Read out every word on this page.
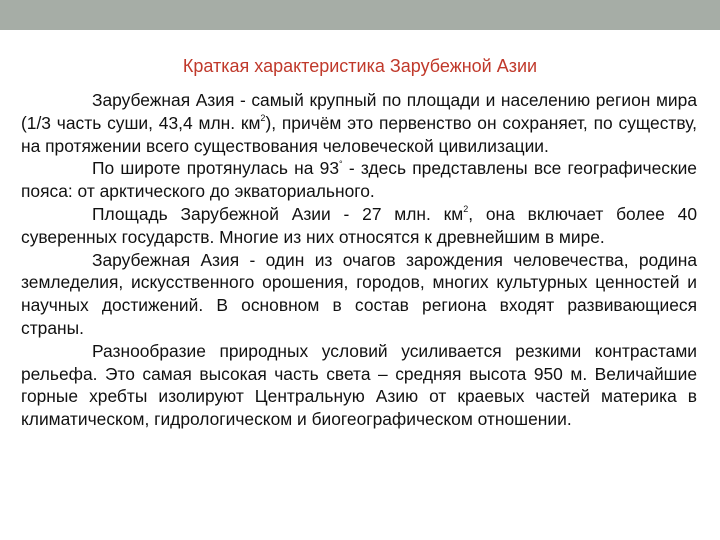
Краткая характеристика Зарубежной Азии

Зарубежная Азия - самый крупный по площади и населению регион мира (1/3 часть суши, 43,4 млн. $км^2$), причём это первенство он сохраняет, по существу, на протяжении всего существования человеческой цивилизации.

По широте протянулась на 93° - здесь представлены все географические пояса: от арктического до экваториального.

Площадь Зарубежной Азии - 27 млн. $км^2$, она включает более 40 суверенных государств. Многие из них относятся к древнейшим в мире.

Зарубежная Азия - один из очагов зарождения человечества, родина земледелия, искусственного орошения, городов, многих культурных ценностей и научных достижений. В основном в состав региона входят развивающиеся страны.

Разнообразие природных условий усиливается резкими контрастами рельефа. Это самая высокая часть света – средняя высота 950 м. Величайшие горные хребты изолируют Центральную Азию от краевых частей материка в климатическом, гидрологическом и биогеографическом отношении.
